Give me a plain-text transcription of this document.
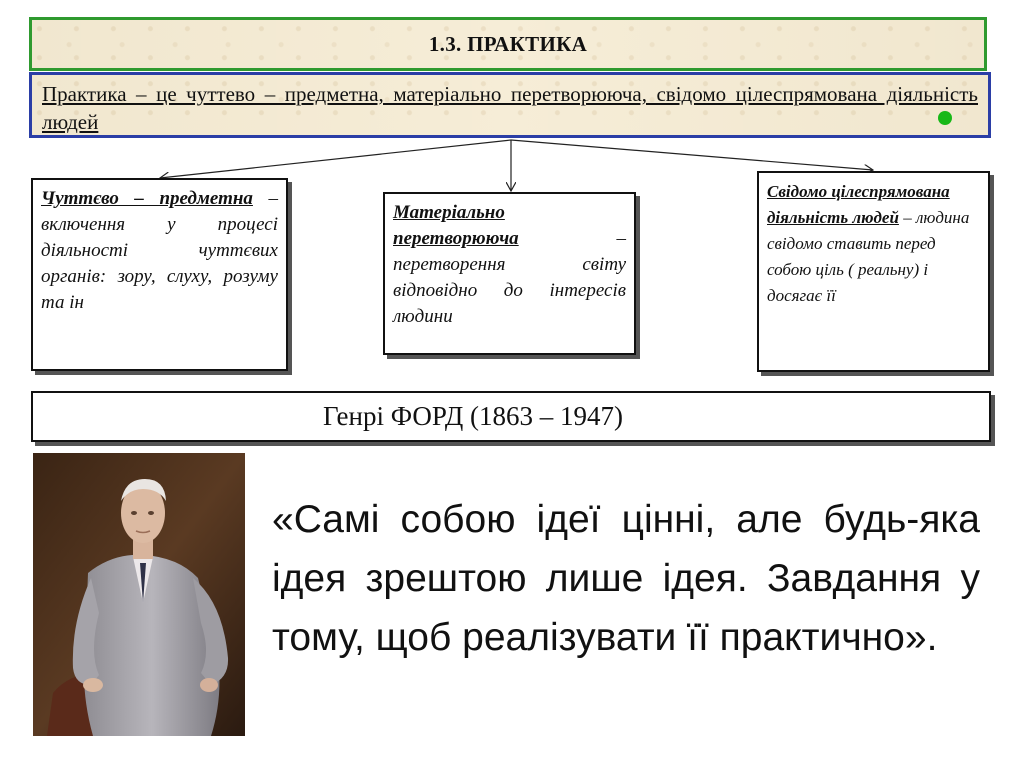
1.3. ПРАКТИКА
Практика – це чуттево – предметна, матеріально перетворююча, свідомо цілеспрямована діяльність людей
Чуттєво – предметна – включення у процесі діяльності чуттєвих органів: зору, слуху, розуму та ін
Матеріально перетворююча	– перетворення світу відповідно до інтересів людини
Свідомо цілеспрямована діяльність людей – людина свідомо ставить перед собою ціль ( реальну) і досягає її
Генрі ФОРД (1863 – 1947)
«Самі собою ідеї цінні, але будь-яка ідея зрештою лише ідея. Завдання у тому, щоб реалізувати її практично».
